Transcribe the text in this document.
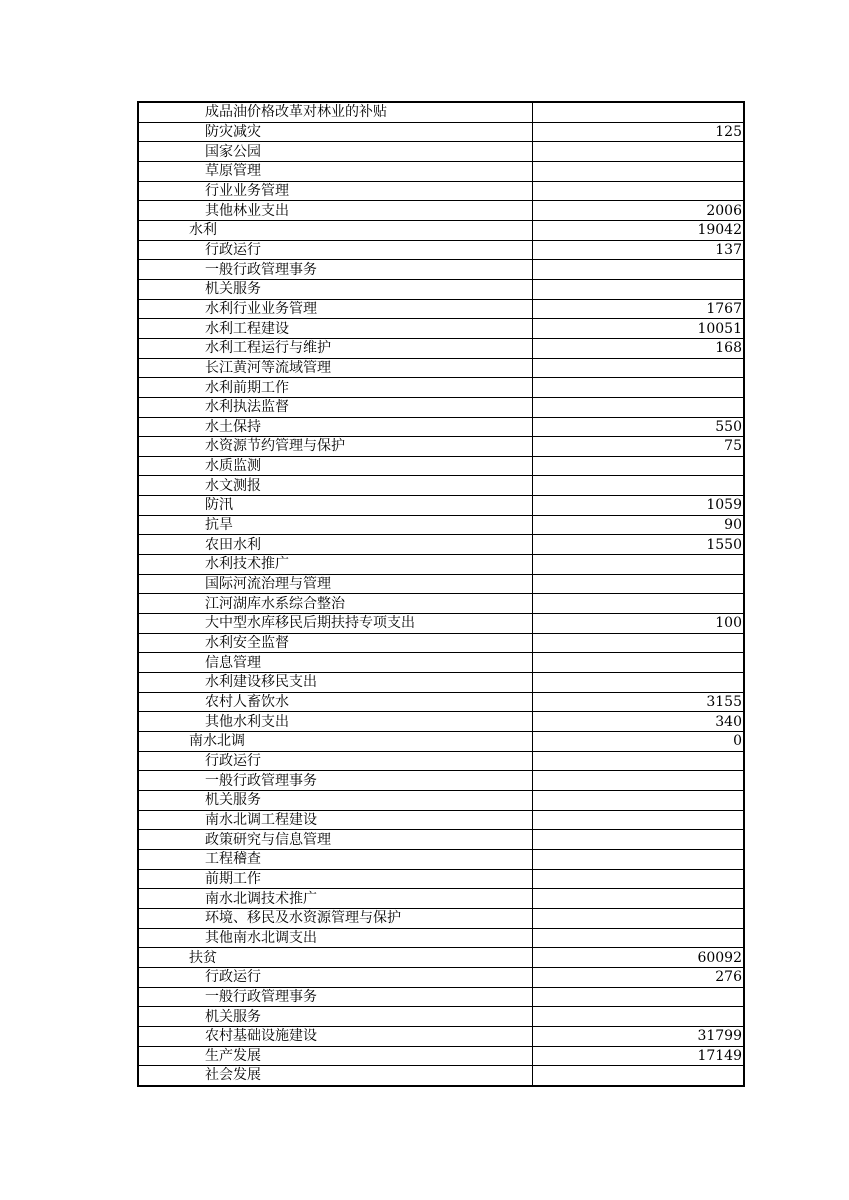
成品油价格改革对林业的补贴	
防灾减灾	125
国家公园	
草原管理	
行业业务管理	
其他林业支出	2006
水利	19042
行政运行	137
一般行政管理事务	
机关服务	
水利行业业务管理	1767
水利工程建设	10051
水利工程运行与维护	168
长江黄河等流域管理	
水利前期工作	
水利执法监督	
水土保持	550
水资源节约管理与保护	75
水质监测	
水文测报	
防汛	1059
抗旱	90
农田水利	1550
水利技术推广	
国际河流治理与管理	
江河湖库水系综合整治	
大中型水库移民后期扶持专项支出	100
水利安全监督	
信息管理	
水利建设移民支出	
农村人畜饮水	3155
其他水利支出	340
南水北调	0
行政运行	
一般行政管理事务	
机关服务	
南水北调工程建设	
政策研究与信息管理	
工程稽查	
前期工作	
南水北调技术推广	
环境、移民及水资源管理与保护	
其他南水北调支出	
扶贫	60092
行政运行	276
一般行政管理事务	
机关服务	
农村基础设施建设	31799
生产发展	17149
社会发展	
